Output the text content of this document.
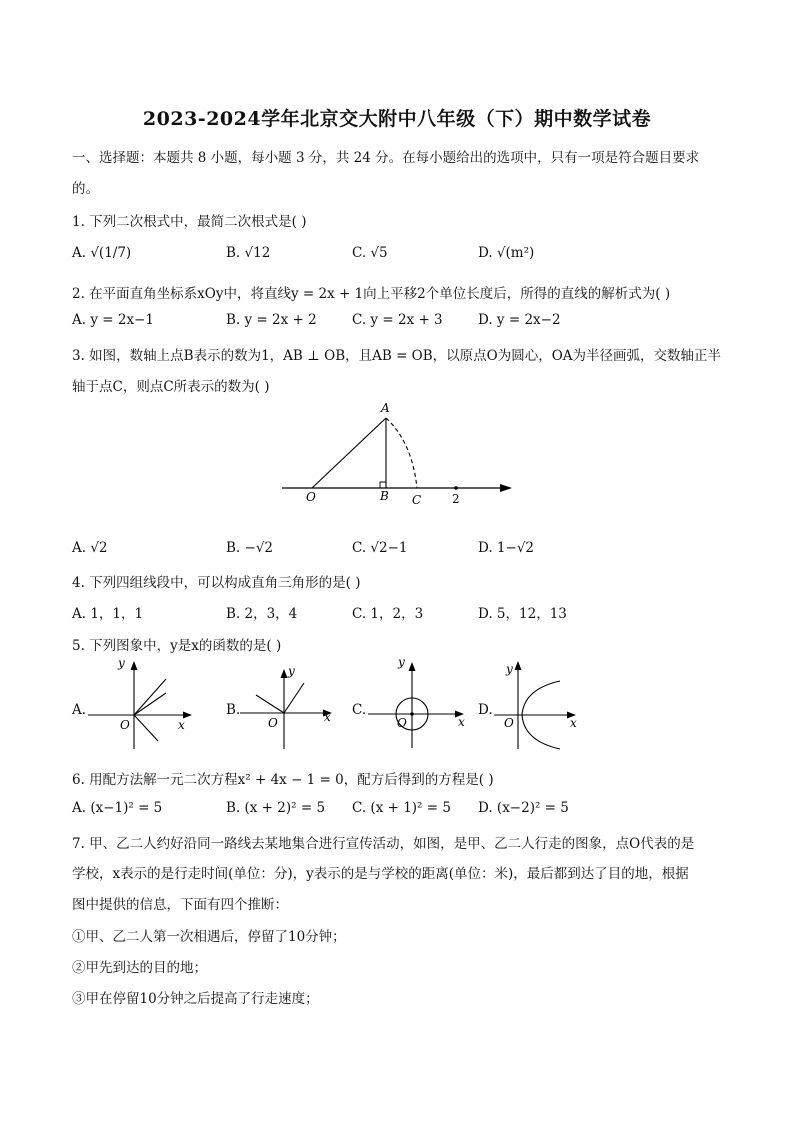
2023-2024学年北京交大附中八年级（下）期中数学试卷
一、选择题：本题共 8 小题，每小题 3 分，共 24 分。在每小题给出的选项中，只有一项是符合题目要求
的。
1. 下列二次根式中，最简二次根式是( )
A. √(1/7)	B. √12	C. √5	D. √(m²)
2. 在平面直角坐标系xOy中，将直线y = 2x + 1向上平移2个单位长度后，所得的直线的解析式为( )
A. y = 2x−1	B. y = 2x + 2	C. y = 2x + 3	D. y = 2x−2
3. 如图，数轴上点B表示的数为1，AB ⊥ OB，且AB = OB，以原点O为圆心，OA为半径画弧，交数轴正半
轴于点C，则点C所表示的数为( )
A
O	B C	2
A. √2	B. −√2	C. √2−1	D. 1−√2
4. 下列四组线段中，可以构成直角三角形的是( )
A. 1，1，1	B. 2，3，4	C. 1，2，3	D. 5，12，13
5. 下列图象中，y是x的函数的是( )
A.
y
x
O
B.
y
x
O
C.
y
x
O
D.
y
x
O
6. 用配方法解一元二次方程x² + 4x − 1 = 0，配方后得到的方程是( )
A. (x−1)² = 5	B. (x + 2)² = 5 C. (x + 1)² = 5 D. (x−2)² = 5
7. 甲、乙二人约好沿同一路线去某地集合进行宣传活动，如图，是甲、乙二人行走的图象，点O代表的是
学校，x表示的是行走时间(单位：分)，y表示的是与学校的距离(单位：米)，最后都到达了目的地，根据
图中提供的信息，下面有四个推断：
①甲、乙二人第一次相遇后，停留了10分钟；
②甲先到达的目的地；
③甲在停留10分钟之后提高了行走速度；
